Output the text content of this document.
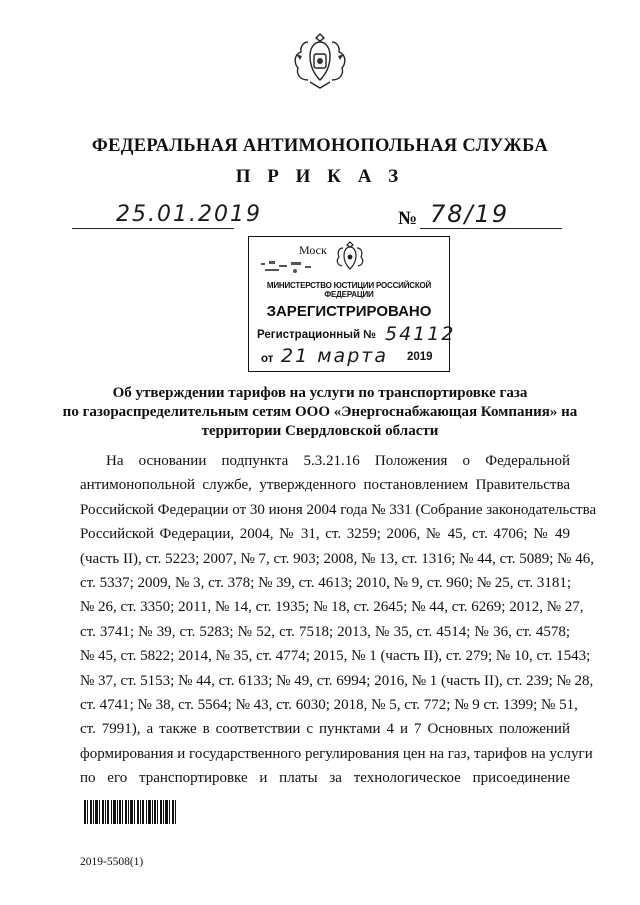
ФЕДЕРАЛЬНАЯ АНТИМОНОПОЛЬНАЯ СЛУЖБА
П Р И К А З
25.01.2019	№ 78/19
Моск
МИНИСТЕРСТВО ЮСТИЦИИ РОССИЙСКОЙ ФЕДЕРАЦИИ
ЗАРЕГИСТРИРОВАНО
Регистрационный № 54112
от 21 марта 2019
Об утверждении тарифов на услуги по транспортировке газа
по газораспределительным сетям ООО «Энергоснабжающая Компания» на
территории Свердловской области
На основании подпункта 5.3.21.16 Положения о Федеральной
антимонопольной службе, утвержденного постановлением Правительства
Российской Федерации от 30 июня 2004 года № 331 (Собрание законодательства
Российской Федерации, 2004, № 31, ст. 3259; 2006, № 45, ст. 4706; № 49
(часть II), ст. 5223; 2007, № 7, ст. 903; 2008, № 13, ст. 1316; № 44, ст. 5089; № 46,
ст. 5337; 2009, № 3, ст. 378; № 39, ст. 4613; 2010, № 9, ст. 960; № 25, ст. 3181;
№ 26, ст. 3350; 2011, № 14, ст. 1935; № 18, ст. 2645; № 44, ст. 6269; 2012, № 27,
ст. 3741; № 39, ст. 5283; № 52, ст. 7518; 2013, № 35, ст. 4514; № 36, ст. 4578;
№ 45, ст. 5822; 2014, № 35, ст. 4774; 2015, № 1 (часть II), ст. 279; № 10, ст. 1543;
№ 37, ст. 5153; № 44, ст. 6133; № 49, ст. 6994; 2016, № 1 (часть II), ст. 239; № 28,
ст. 4741; № 38, ст. 5564; № 43, ст. 6030; 2018, № 5, ст. 772; № 9 ст. 1399; № 51,
ст. 7991), а также в соответствии с пунктами 4 и 7 Основных положений
формирования и государственного регулирования цен на газ, тарифов на услуги
по его транспортировке и платы за технологическое присоединение
2019-5508(1)
